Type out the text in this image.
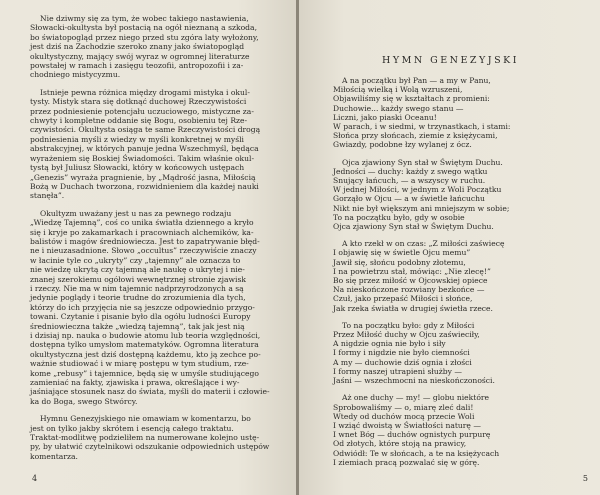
Nie dziwmy się za tym, że wobec takiego nastawienia,
Słowacki-okultysta był postacią na ogół nieznaną a szkoda,
bo światopogląd przez niego przed stu zgóra laty wyłożony,
jest dziś na Zachodzie szeroko znany jako światopogląd
okultystyczny, mający swój wyraz w ogromnej literaturze
powstałej w ramach i zasięgu teozofii, antropozofii i za-
chodniego mistycyzmu.

Istnieje pewna różnica między drogami mistyka i okul-
tysty. Mistyk stara się dotknąć duchowej Rzeczywistości
przez podniesienie potencjału uczuciowego, mistyczne za-
chwyty i kompletne oddanie się Bogu, osobieniu tej Rze-
czywistości. Okultysta osiąga te same Rzeczywistości drogą
podniesienia myśli z wiedzy w myśli konkretnej w myśli
abstrakcyjnej, w których panuje jedna Wszechmyśl, będąca
wyrażeniem się Boskiej Świadomości. Takim właśnie okul-
tystą był Juliusz Słowacki, który w końcowych ustępach
„Genezis” wyraża pragnienie, by „Mądrość jasna, Miłością
Bożą w Duchach tworzona, rozwidnieniem dla każdej nauki
stanęła”.

Okultyzm uważany jest u nas za pewnego rodzaju
„Wiedzę Tajemną”, coś co unika światła dziennego a kryło
się i kryje po zakamarkach i pracowniach alchemików, ka-
balistów i magów średniowiecza. Jest to zapatrywanie błęd-
ne i nieuzasadnione. Słowo „occultus” rzeczywiście znaczy
w łacinie tyle co „ukryty” czy „tajemny” ale oznacza to
nie wiedzę ukrytą czy tajemną ale naukę o ukrytej i nie-
znanej szerokiemu ogółowi wewnętrznej stronie zjawisk
i rzeczy. Nie ma w nim tajemnic nadprzyrodzonych a są
jedynie poglądy i teorie trudne do zrozumienia dla tych,
którzy do ich przyjęcia nie są jeszcze odpowiednio przygo-
towani. Czytanie i pisanie było dla ogółu ludności Europy
średniowieczna także „wiedzą tajemną”, tak jak jest nią
i dzisiaj np. nauka o budowie atomu lub teoria względności,
dostępna tylko umysłom matematyków. Ogromna literatura
okultystyczna jest dziś dostępną każdemu, kto ją zechce po-
ważnie studiować i w miarę postępu w tym studium, rze-
kome „rebusy” i tajemnice, będą się w umyśle studiującego
zamieniać na fakty, zjawiska i prawa, określające i wy-
jaśniające stosunek nasz do świata, myśli do materii i człowie-
ka do Boga, swego Stwórcy.

Hymnu Genezyjskiego nie omawiam w komentarzu, bo
jest on tylko jakby skrótem i esencją całego traktatu.
Traktat-modlitwę podzieliłem na numerowane kolejno ustę-
py, by ułatwić czytelnikowi odszukanie odpowiednich ustępów
komentarza.

4
HYMN GENEZYJSKI
A na początku był Pan — a my w Panu,
Miłością wielką i Wolą wzruszeni,
Objawiliśmy się w kształtach z promieni:
Duchowie... każdy swego stanu —
Liczni, jako piaski Oceanu!
W parach, i w siedmi, w trzynastkach, i stami:
Słońca przy słońcach, ziemie z księżycami,
Gwiazdy, podobne łzy wylanej z ócz.
Ojca zjawiony Syn stał w Świętym Duchu.
Jedności — duchy: każdy z swego wątku
Snujący łańcuch, — a wszyscy w ruchu.
W jednej Miłości, w jednym z Woli Początku
Gorząło w Ojcu — a w świetle łańcuchu
Nikt nie był większym ani mniejszym w sobie;
To na początku było, gdy w osobie
Ojca zjawiony Syn stał w Świętym Duchu.
A kto rzekł w on czas: „Z miłości zaświecę
I objawię się w świetle Ojcu memu”
Jawił się, słońcu podobny złotemu,
I na powietrzu stał, mówiąc: „Nie zlecę!”
Bo się przez miłość w Ojcowskiej opiece
Na nieskończone rozwiany bezkońce —
Czuł, jako przepaść Miłości i słońce,
Jak rzeka światła w drugiej świetła rzece.
To na początku było: gdy z Miłości
Przez Miłość duchy w Ojcu zaświeciły,
A nigdzie ognia nie było i siły
I formy i nigdzie nie było ciemności
A my — duchowie dziś ognia i złości
I formy naszej utrapieni służby —
Jaśni — wszechmocni na nieskończoności.
Aż one duchy — my! — globu niektóre
Sprobowaliśmy — o, miarę zleć dali!
Wtedy od duchów mocą przecie Woli
I wziąć dwoistą w Światłości naturę —
I wnet Bóg — duchów ognistych purpurę
Od złotych, które stoją na prawicy,
Odwiódł: Te w słońcach, a te na księżycach
I ziemiach pracą pozwalać się w górę.
5
